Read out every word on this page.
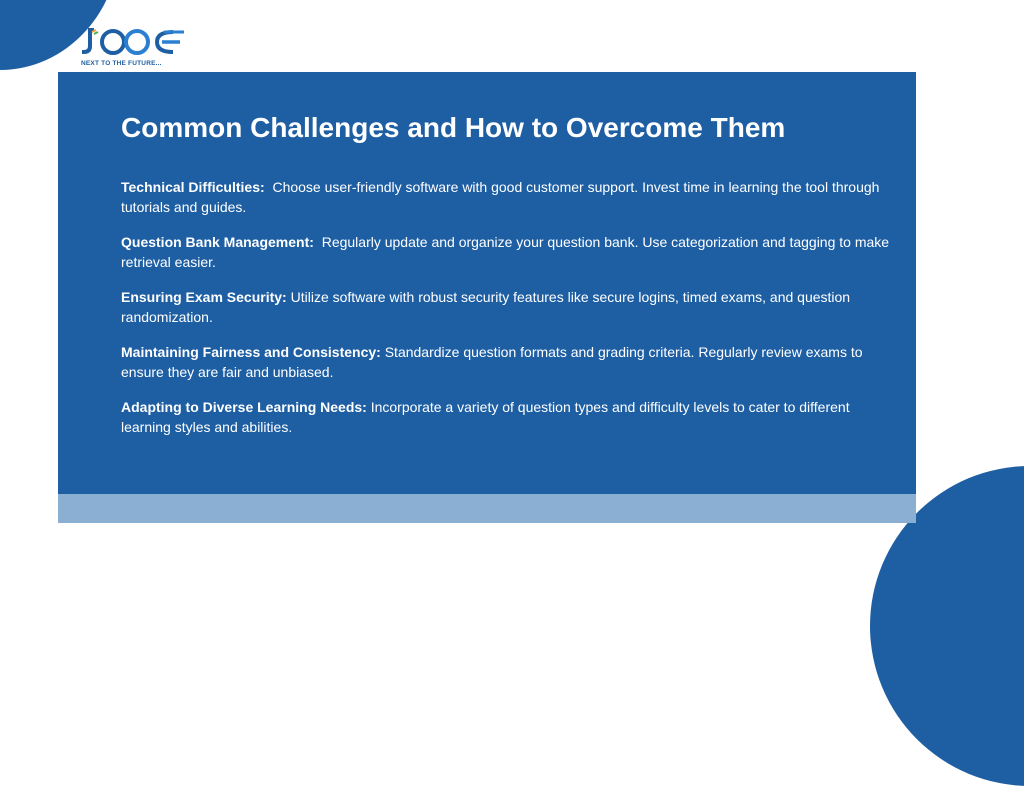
NEXT TO THE FUTURE...
Common Challenges and How to Overcome Them

Technical Difficulties: Choose user-friendly software with good customer support. Invest time in learning the tool through tutorials and guides.

Question Bank Management: Regularly update and organize your question bank. Use categorization and tagging to make retrieval easier.

Ensuring Exam Security: Utilize software with robust security features like secure logins, timed exams, and question randomization.

Maintaining Fairness and Consistency: Standardize question formats and grading criteria. Regularly review exams to ensure they are fair and unbiased.

Adapting to Diverse Learning Needs: Incorporate a variety of question types and difficulty levels to cater to different learning styles and abilities.
